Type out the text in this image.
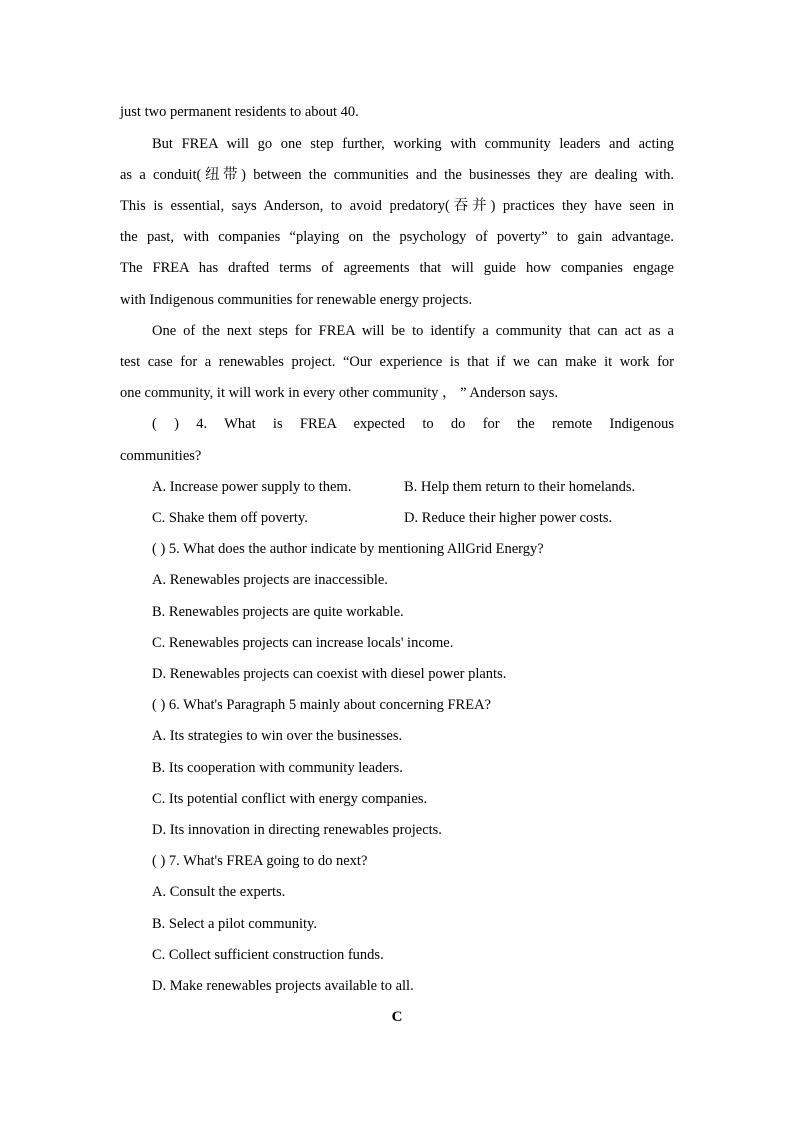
just two permanent residents to about 40.
But FREA will go one step further, working with community leaders and acting
as a conduit(纽带) between the communities and the businesses they are dealing with.
This is essential, says Anderson, to avoid predatory(吞并) practices they have seen in
the past, with companies “playing on the psychology of poverty” to gain advantage.
The FREA has drafted terms of agreements that will guide how companies engage
with Indigenous communities for renewable energy projects.
One of the next steps for FREA will be to identify a community that can act as a
test case for a renewables project. “Our experience is that if we can make it work for
one community, it will work in every other community ， ” Anderson says.
( ) 4. What is FREA expected to do for the remote Indigenous
communities?
A. Increase power supply to them.	B. Help them return to their homelands.
C. Shake them off poverty.	D. Reduce their higher power costs.
( ) 5. What does the author indicate by mentioning AllGrid Energy?
A. Renewables projects are inaccessible.
B. Renewables projects are quite workable.
C. Renewables projects can increase locals' income.
D. Renewables projects can coexist with diesel power plants.
( ) 6. What's Paragraph 5 mainly about concerning FREA?
A. Its strategies to win over the businesses.
B. Its cooperation with community leaders.
C. Its potential conflict with energy companies.
D. Its innovation in directing renewables projects.
( ) 7. What's FREA going to do next?
A. Consult the experts.
B. Select a pilot community.
C. Collect sufficient construction funds.
D. Make renewables projects available to all.
C
